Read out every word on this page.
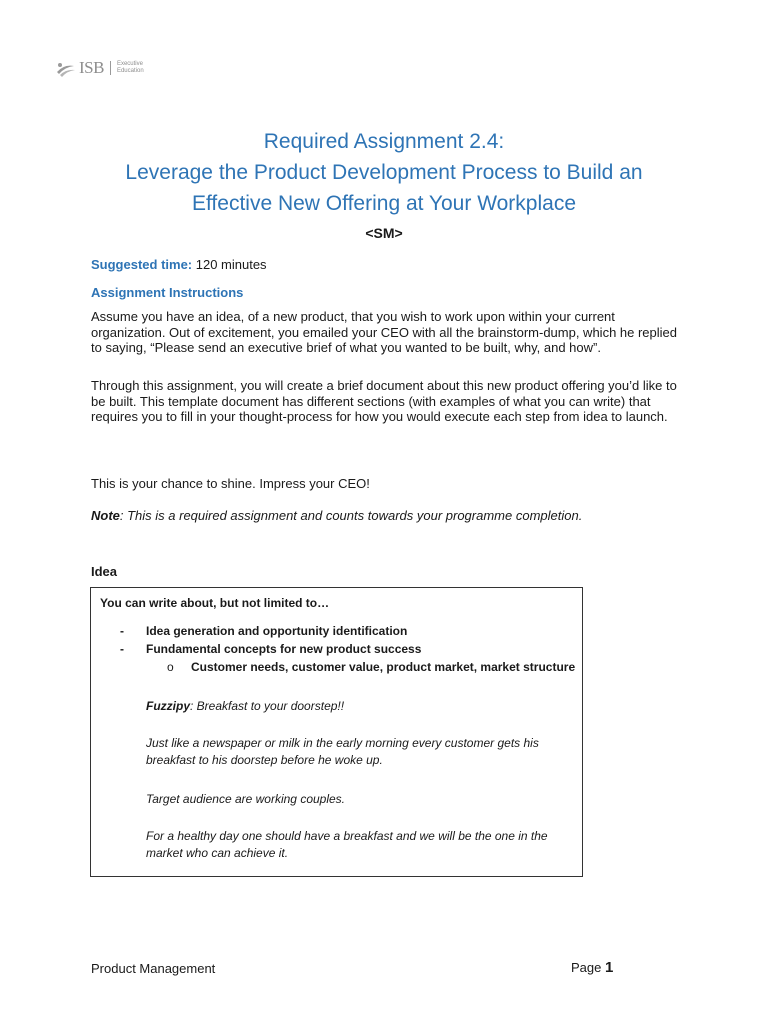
ISB Executive
Education
Required Assignment 2.4:
Leverage the Product Development Process to Build an
Effective New Offering at Your Workplace
<SM>
Suggested time: 120 minutes
Assignment Instructions
Assume you have an idea, of a new product, that you wish to work upon within your current organization. Out of excitement, you emailed your CEO with all the brainstorm-dump, which he replied to saying, “Please send an executive brief of what you wanted to be built, why, and how”.
Through this assignment, you will create a brief document about this new product offering you’d like to be built. This template document has different sections (with examples of what you can write) that requires you to fill in your thought-process for how you would execute each step from idea to launch.
This is your chance to shine. Impress your CEO!
Note: This is a required assignment and counts towards your programme completion.
Idea
You can write about, but not limited to…
- Idea generation and opportunity identification
- Fundamental concepts for new product success
o Customer needs, customer value, product market, market structure
Fuzzipy: Breakfast to your doorstep!!
Just like a newspaper or milk in the early morning every customer gets his breakfast to his doorstep before he woke up.
Target audience are working couples.
For a healthy day one should have a breakfast and we will be the one in the market who can achieve it.
Product Management	Page 1
